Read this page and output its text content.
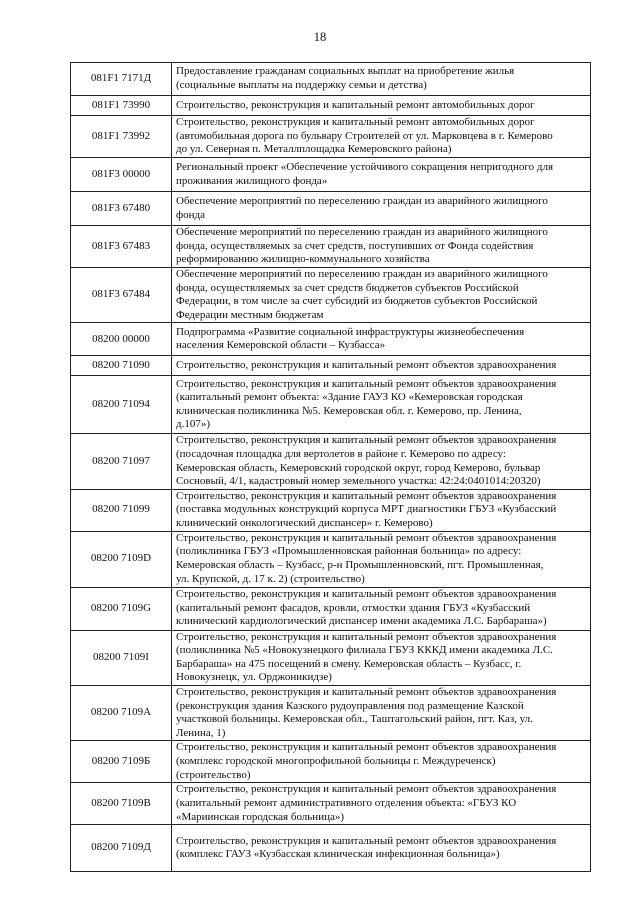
18
081F1 7171Д	Предоставление гражданам социальных выплат на приобретение жилья
(социальные выплаты на поддержку семьи и детства)

081F1 73990	Строительство, реконструкция и капитальный ремонт автомобильных дорог

081F1 73992	Строительство, реконструкция и капитальный ремонт автомобильных дорог
(автомобильная дорога по бульвару Строителей от ул. Марковцева в г. Кемерово
до ул. Северная п. Металлплощадка Кемеровского района)

081F3 00000	Региональный проект «Обеспечение устойчивого сокращения непригодного для
проживания жилищного фонда»

081F3 67480	Обеспечение мероприятий по переселению граждан из аварийного жилищного
фонда

081F3 67483	Обеспечение мероприятий по переселению граждан из аварийного жилищного
фонда, осуществляемых за счет средств, поступивших от Фонда содействия
реформированию жилищно-коммунального хозяйства

081F3 67484	Обеспечение мероприятий по переселению граждан из аварийного жилищного
фонда, осуществляемых за счет средств бюджетов субъектов Российской
Федерации, в том числе за счет субсидий из бюджетов субъектов Российской
Федерации местным бюджетам

08200 00000	Подпрограмма «Развитие социальной инфраструктуры жизнеобеспечения
населения Кемеровской области – Кузбасса»

08200 71090	Строительство, реконструкция и капитальный ремонт объектов здравоохранения

08200 71094	Строительство, реконструкция и капитальный ремонт объектов здравоохранения
(капитальный ремонт объекта: «Здание ГАУЗ КО «Кемеровская городская
клиническая поликлиника №5. Кемеровская обл. г. Кемерово, пр. Ленина,
д.107»)

08200 71097	Строительство, реконструкция и капитальный ремонт объектов здравоохранения
(посадочная площадка для вертолетов в районе г. Кемерово по адресу:
Кемеровская область, Кемеровский городской округ, город Кемерово, бульвар
Сосновый, 4/1, кадастровый номер земельного участка: 42:24:0401014:20320)

08200 71099	Строительство, реконструкция и капитальный ремонт объектов здравоохранения
(поставка модульных конструкций корпуса МРТ диагностики ГБУЗ «Кузбасский
клинический онкологический диспансер» г. Кемерово)

08200 7109D	Строительство, реконструкция и капитальный ремонт объектов здравоохранения
(поликлиника ГБУЗ «Промышленновская районная больница» по адресу:
Кемеровская область – Кузбасс, р-н Промышленновский, пгт. Промышленная,
ул. Крупской, д. 17 к. 2) (строительство)

08200 7109G	Строительство, реконструкция и капитальный ремонт объектов здравоохранения
(капитальный ремонт фасадов, кровли, отмостки здания ГБУЗ «Кузбасский
клинический кардиологический диспансер имени академика Л.С. Барбараша»)

08200 7109I	Строительство, реконструкция и капитальный ремонт объектов здравоохранения
(поликлиника №5 «Новокузнецкого филиала ГБУЗ КККД имени академика Л.С.
Барбараша» на 475 посещений в смену. Кемеровская область – Кузбасс, г.
Новокузнецк, ул. Орджоникидзе)

08200 7109A	Строительство, реконструкция и капитальный ремонт объектов здравоохранения
(реконструкция здания Казского рудоуправления под размещение Казской
участковой больницы. Кемеровская обл., Таштагольский район, пгт. Каз, ул.
Ленина, 1)

08200 7109Б	Строительство, реконструкция и капитальный ремонт объектов здравоохранения
(комплекс городской многопрофильной больницы г. Междуреченск)
(строительство)

08200 7109В	Строительство, реконструкция и капитальный ремонт объектов здравоохранения
(капитальный ремонт административного отделения объекта: «ГБУЗ КО
«Мариинская городская больница»)

08200 7109Д	Строительство, реконструкция и капитальный ремонт объектов здравоохранения
(комплекс ГАУЗ «Кузбасская клиническая инфекционная больница»)
